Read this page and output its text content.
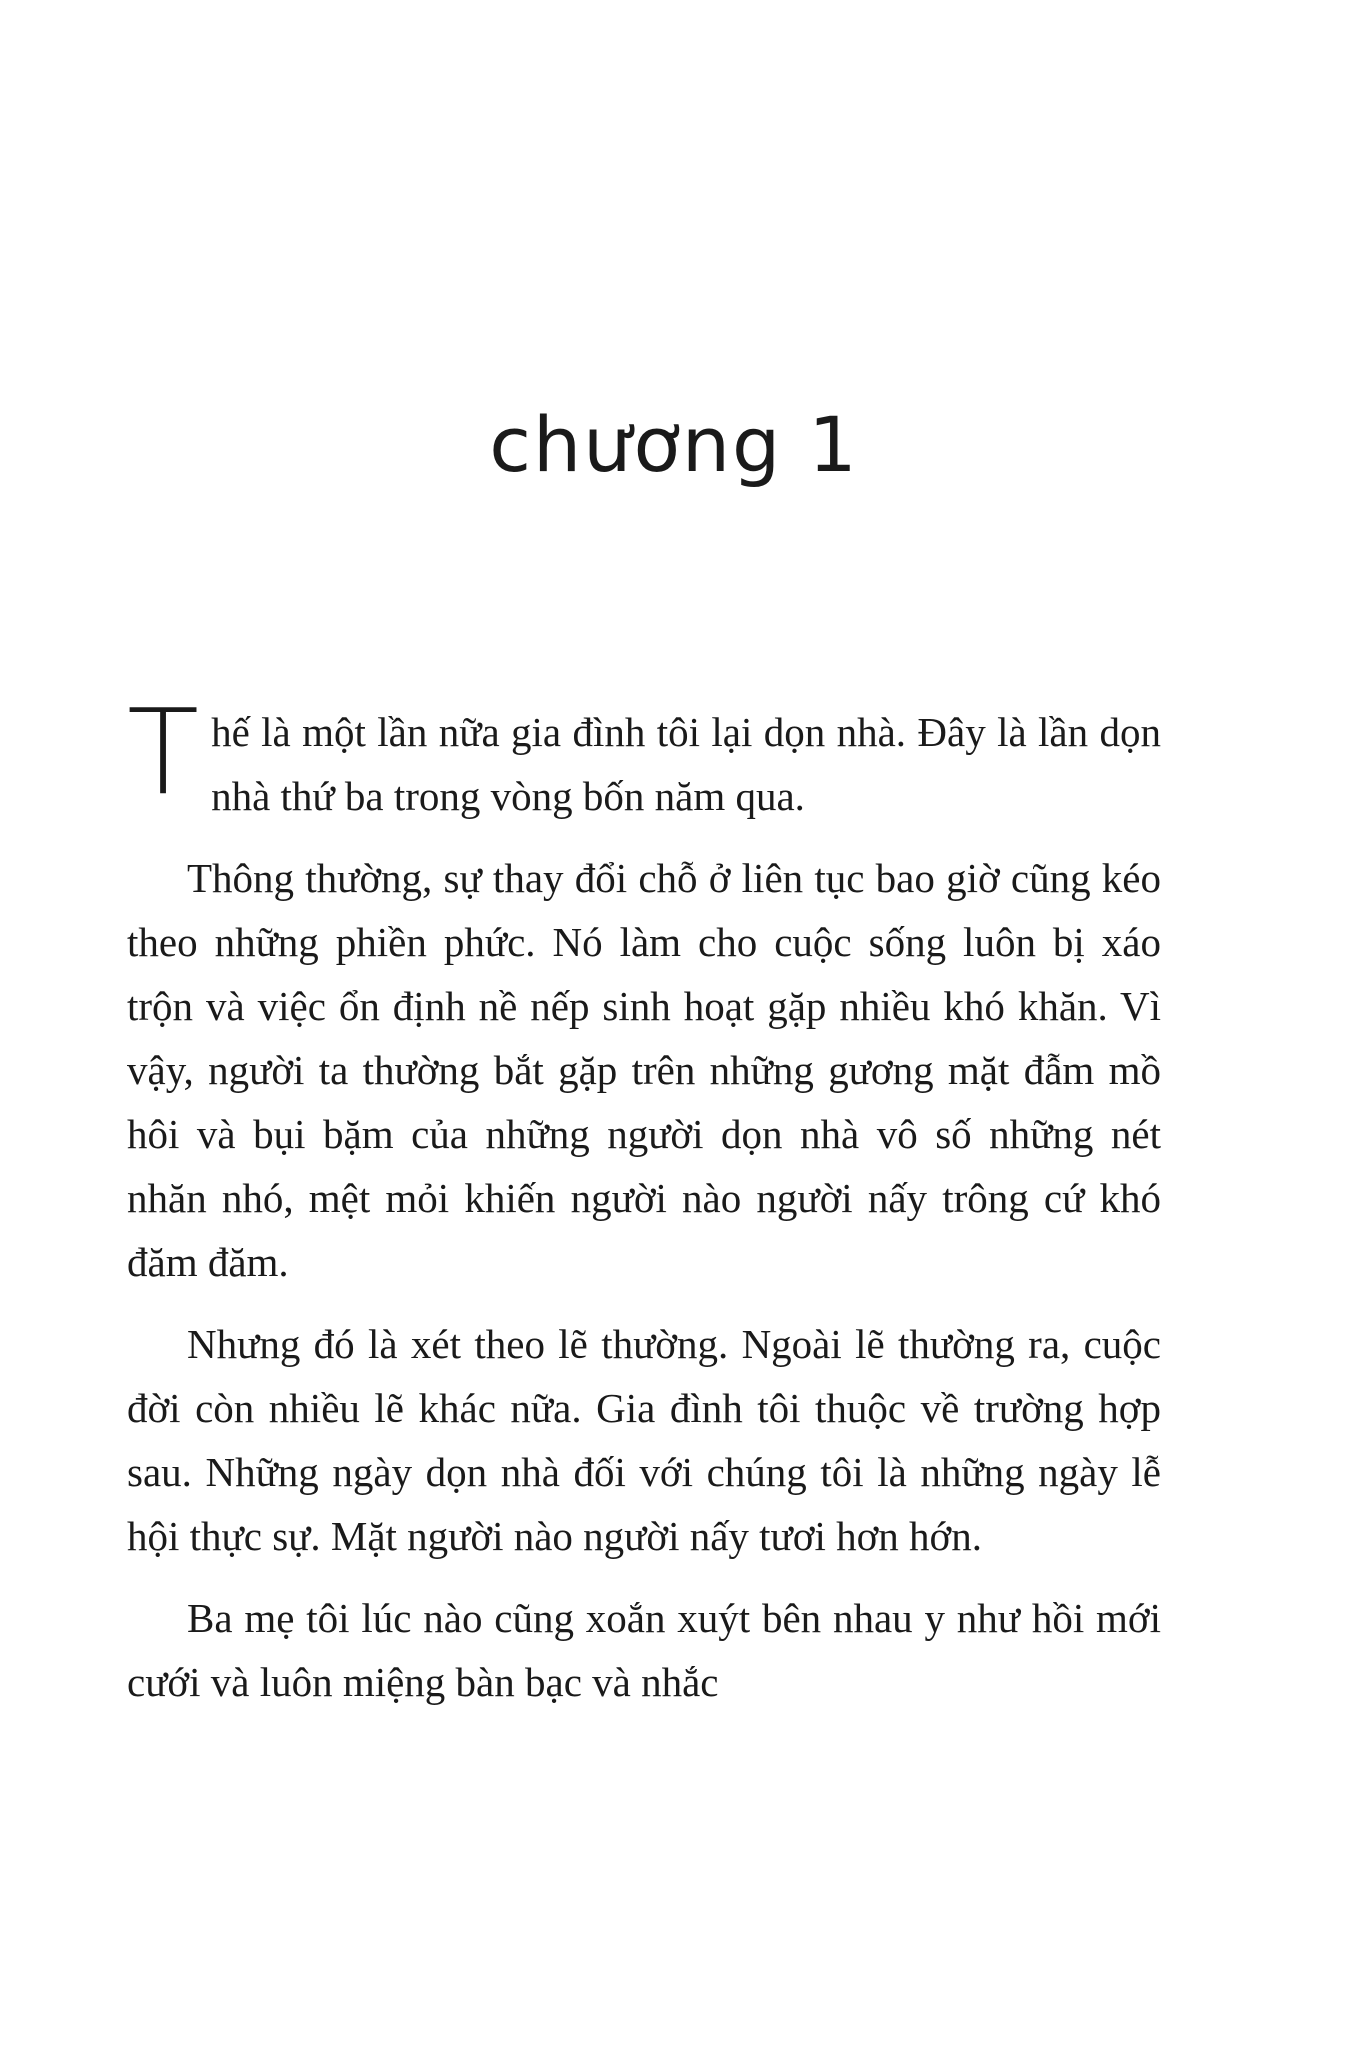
chương 1

Thế là một lần nữa gia đình tôi lại dọn nhà. Đây là lần dọn nhà thứ ba trong vòng bốn năm qua.

Thông thường, sự thay đổi chỗ ở liên tục bao giờ cũng kéo theo những phiền phức. Nó làm cho cuộc sống luôn bị xáo trộn và việc ổn định nề nếp sinh hoạt gặp nhiều khó khăn. Vì vậy, người ta thường bắt gặp trên những gương mặt đẫm mồ hôi và bụi bặm của những người dọn nhà vô số những nét nhăn nhó, mệt mỏi khiến người nào người nấy trông cứ khó đăm đăm.

Nhưng đó là xét theo lẽ thường. Ngoài lẽ thường ra, cuộc đời còn nhiều lẽ khác nữa. Gia đình tôi thuộc về trường hợp sau. Những ngày dọn nhà đối với chúng tôi là những ngày lễ hội thực sự. Mặt người nào người nấy tươi hơn hớn.

Ba mẹ tôi lúc nào cũng xoắn xuýt bên nhau y như hồi mới cưới và luôn miệng bàn bạc và nhắc
